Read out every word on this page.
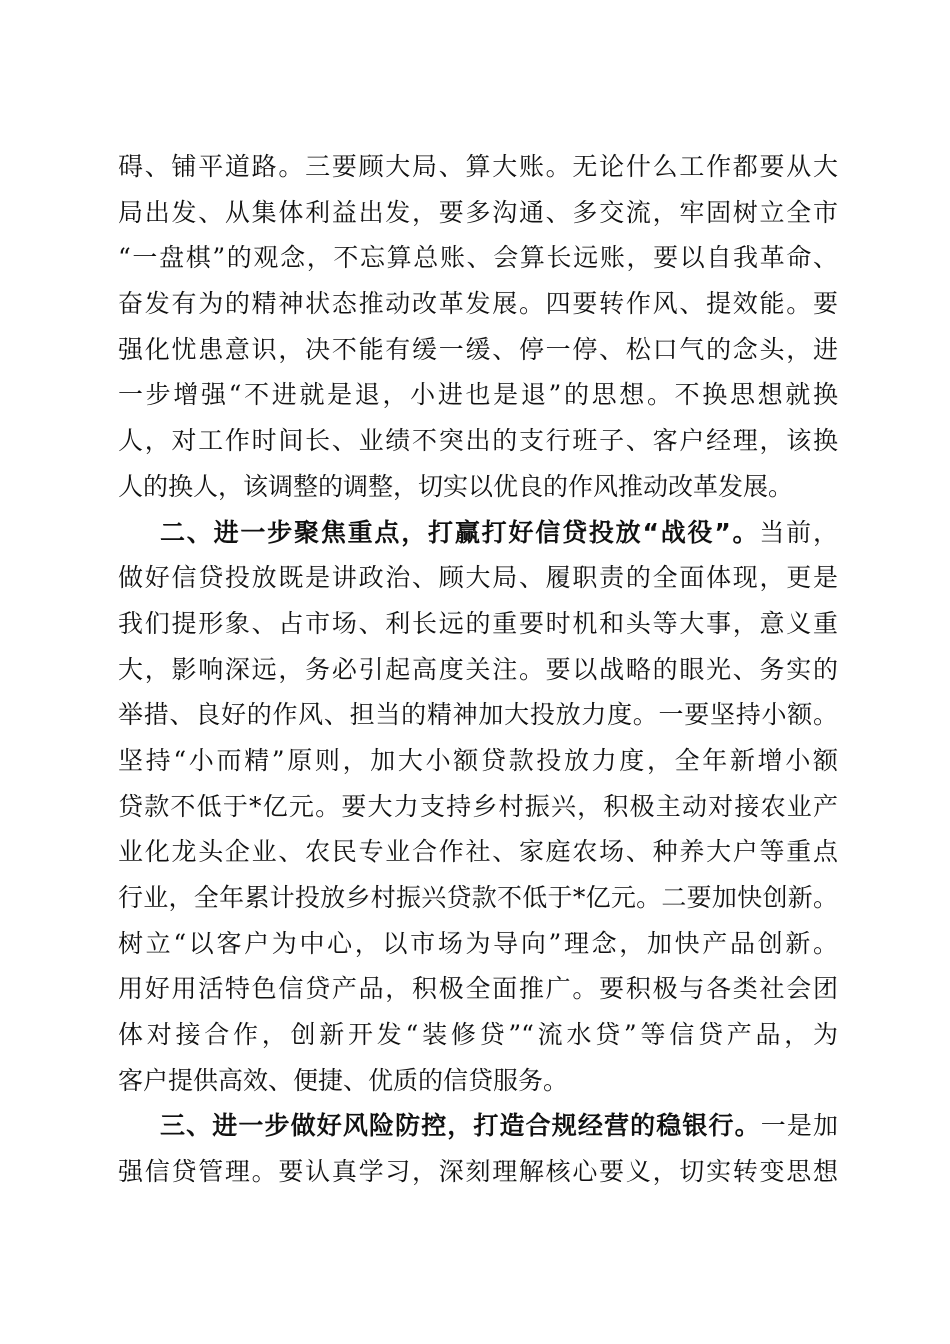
碍、铺平道路。三要顾大局、算大账。无论什么工作都要从大
局出发、从集体利益出发，要多沟通、多交流，牢固树立全市
“一盘棋”的观念，不忘算总账、会算长远账，要以自我革命、
奋发有为的精神状态推动改革发展。四要转作风、提效能。要
强化忧患意识，决不能有缓一缓、停一停、松口气的念头，进
一步增强“不进就是退，小进也是退”的思想。不换思想就换
人，对工作时间长、业绩不突出的支行班子、客户经理，该换
人的换人，该调整的调整，切实以优良的作风推动改革发展。
二、进一步聚焦重点，打赢打好信贷投放“战役”。当前，
做好信贷投放既是讲政治、顾大局、履职责的全面体现，更是
我们提形象、占市场、利长远的重要时机和头等大事，意义重
大，影响深远，务必引起高度关注。要以战略的眼光、务实的
举措、良好的作风、担当的精神加大投放力度。一要坚持小额。
坚持“小而精”原则，加大小额贷款投放力度，全年新增小额
贷款不低于*亿元。要大力支持乡村振兴，积极主动对接农业产
业化龙头企业、农民专业合作社、家庭农场、种养大户等重点
行业，全年累计投放乡村振兴贷款不低于*亿元。二要加快创新。
树立“以客户为中心，以市场为导向”理念，加快产品创新。
用好用活特色信贷产品，积极全面推广。要积极与各类社会团
体对接合作，创新开发“装修贷”“流水贷”等信贷产品，为
客户提供高效、便捷、优质的信贷服务。
三、进一步做好风险防控，打造合规经营的稳银行。一是加
强信贷管理。要认真学习，深刻理解核心要义，切实转变思想
